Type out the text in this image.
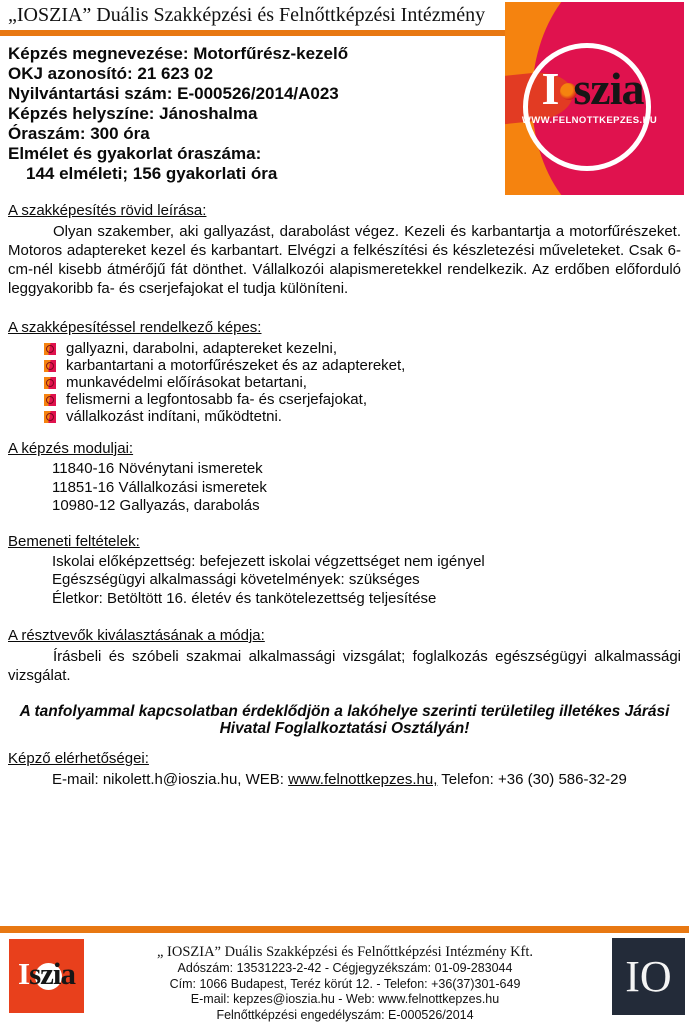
„IOSZIA” Duális Szakképzési és Felnőttképzési Intézmény
I szia
WWW.FELNOTTKEPZES.HU
Képzés megnevezése: Motorfűrész-kezelő
OKJ azonosító: 21 623 02
Nyilvántartási szám: E-000526/2014/A023
Képzés helyszíne: Jánoshalma
Óraszám: 300 óra
Elmélet és gyakorlat óraszáma:
144 elméleti; 156 gyakorlati óra
A szakképesítés rövid leírása:

Olyan szakember, aki gallyazást, darabolást végez. Kezeli és karbantartja a motorfűrészeket. Motoros adaptereket kezel és karbantart. Elvégzi a felkészítési és készletezési műveleteket. Csak 6-cm-nél kisebb átmérőjű fát dönthet. Vállalkozói alapismeretekkel rendelkezik. Az erdőben előforduló leggyakoribb fa- és cserjefajokat el tudja különíteni.

A szakképesítéssel rendelkező képes:
gallyazni, darabolni, adaptereket kezelni,
karbantartani a motorfűrészeket és az adaptereket,
munkavédelmi előírásokat betartani,
felismerni a legfontosabb fa- és cserjefajokat,
vállalkozást indítani, működtetni.
A képzés moduljai:
11840-16 Növénytani ismeretek
11851-16 Vállalkozási ismeretek
10980-12 Gallyazás, darabolás
Bemeneti feltételek:
Iskolai előképzettség: befejezett iskolai végzettséget nem igényel
Egészségügyi alkalmassági követelmények: szükséges
Életkor: Betöltött 16. életév és tankötelezettség teljesítése
A résztvevők kiválasztásának a módja:

Írásbeli és szóbeli szakmai alkalmassági vizsgálat; foglalkozás egészségügyi alkalmassági vizsgálat.

A tanfolyammal kapcsolatban érdeklődjön a lakóhelye szerinti területileg illetékes Járási Hivatal Foglalkoztatási Osztályán!

Képző elérhetőségei:
E-mail: nikolett.h@ioszia.hu, WEB: www.felnottkepzes.hu, Telefon: +36 (30) 586-32-29
Iszia
„ IOSZIA” Duális Szakképzési és Felnőttképzési Intézmény Kft.
Adószám: 13531223-2-42 - Cégjegyzékszám: 01-09-283044
Cím: 1066 Budapest, Teréz körút 12. - Telefon: +36(37)301-649
E-mail: kepzes@ioszia.hu - Web: www.felnottkepzes.hu
Felnőttképzési engedélyszám: E-000526/2014
IO
